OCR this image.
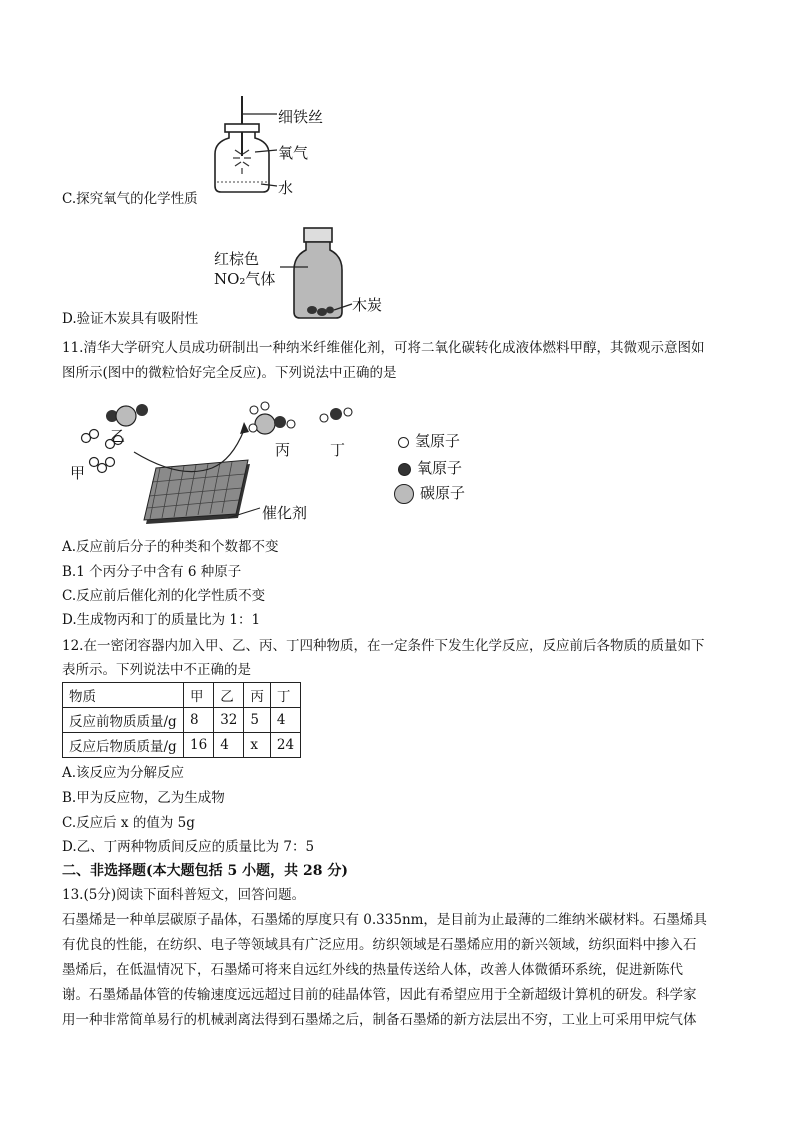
细铁丝
氧气
水
C.探究氧气的化学性质
红棕色
NO₂气体
木炭
D.验证木炭具有吸附性
11.清华大学研究人员成功研制出一种纳米纤维催化剂，可将二氧化碳转化成液体燃料甲醇，其微观示意图如
图所示(图中的微粒恰好完全反应)。下列说法中正确的是
甲
乙
丙	丁
催化剂
氢原子
氧原子
碳原子
A.反应前后分子的种类和个数都不变
B.1 个丙分子中含有 6 种原子
C.反应前后催化剂的化学性质不变
D.生成物丙和丁的质量比为 1：1
12.在一密闭容器内加入甲、乙、丙、丁四种物质，在一定条件下发生化学反应，反应前后各物质的质量如下
表所示。下列说法中不正确的是
物质	甲	乙	丙	丁
反应前物质质量/g	8	32	5	4
反应后物质质量/g	16	4	x	24
A.该反应为分解反应
B.甲为反应物，乙为生成物
C.反应后 x 的值为 5g
D.乙、丁两种物质间反应的质量比为 7：5
二、非选择题(本大题包括 5 小题，共 28 分)
13.(5分)阅读下面科普短文，回答问题。
石墨烯是一种单层碳原子晶体，石墨烯的厚度只有 0.335nm，是目前为止最薄的二维纳米碳材料。石墨烯具
有优良的性能，在纺织、电子等领域具有广泛应用。纺织领域是石墨烯应用的新兴领域，纺织面料中掺入石
墨烯后，在低温情况下，石墨烯可将来自远红外线的热量传送给人体，改善人体微循环系统，促进新陈代
谢。石墨烯晶体管的传输速度远远超过目前的硅晶体管，因此有希望应用于全新超级计算机的研发。科学家
用一种非常简单易行的机械剥离法得到石墨烯之后，制备石墨烯的新方法层出不穷，工业上可采用甲烷气体
